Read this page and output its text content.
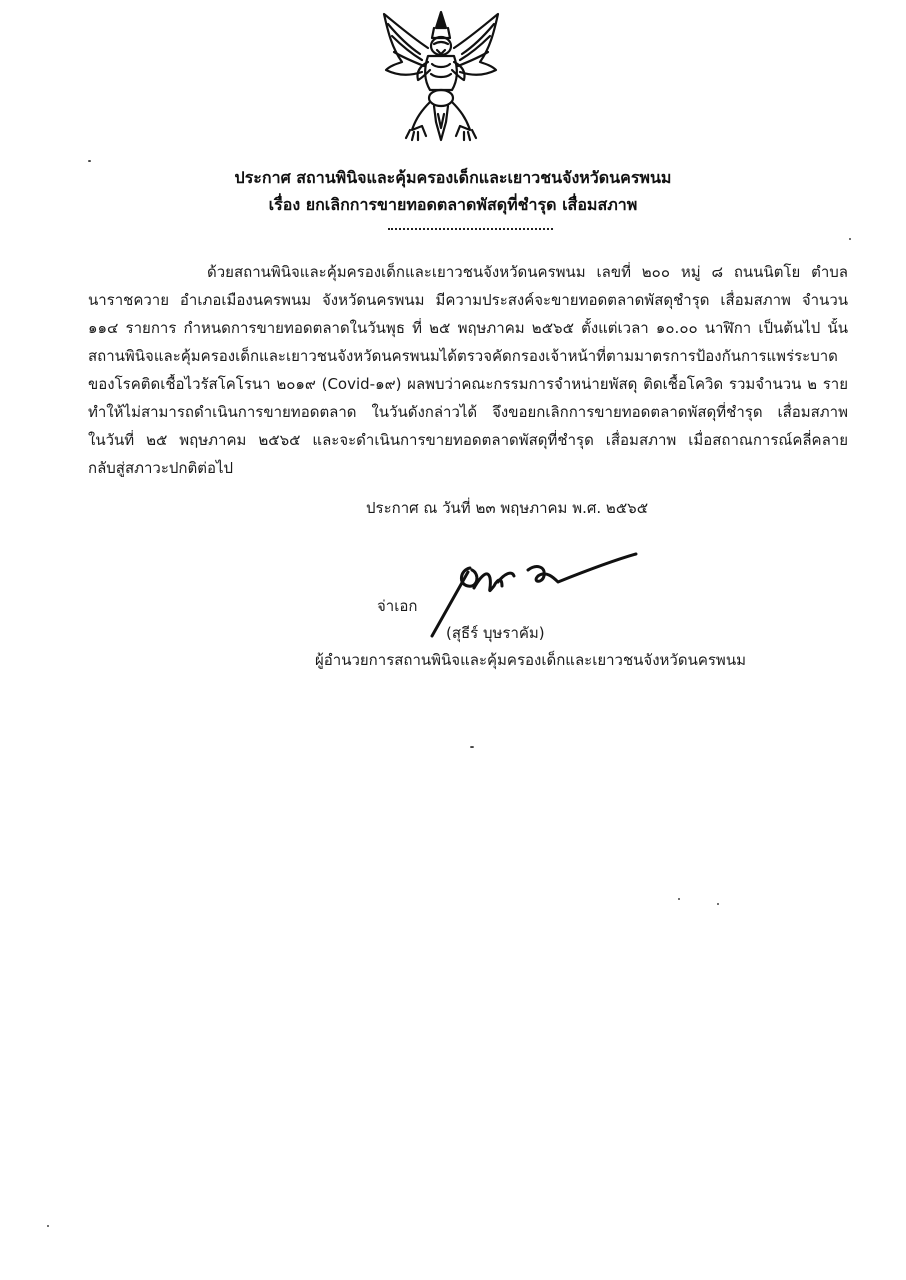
ประกาศ สถานพินิจและคุ้มครองเด็กและเยาวชนจังหวัดนครพนม
เรื่อง ยกเลิกการขายทอดตลาดพัสดุที่ชำรุด เสื่อมสภาพ
ด้วยสถานพินิจและคุ้มครองเด็กและเยาวชนจังหวัดนครพนม เลขที่ ๒๐๐ หมู่ ๘ ถนนนิตโย ตำบล
นาราชควาย อำเภอเมืองนครพนม จังหวัดนครพนม มีความประสงค์จะขายทอดตลาดพัสดุชำรุด เสื่อมสภาพ จำนวน
๑๑๔ รายการ กำหนดการขายทอดตลาดในวันพุธ ที่ ๒๕ พฤษภาคม ๒๕๖๕ ตั้งแต่เวลา ๑๐.๐๐ นาฬิกา เป็นต้นไป นั้น
สถานพินิจและคุ้มครองเด็กและเยาวชนจังหวัดนครพนมได้ตรวจคัดกรองเจ้าหน้าที่ตามมาตรการป้องกันการแพร่ระบาด
ของโรคติดเชื้อไวรัสโคโรนา ๒๐๑๙ (Covid-๑๙) ผลพบว่าคณะกรรมการจำหน่ายพัสดุ ติดเชื้อโควิด รวมจำนวน ๒ ราย
ทำให้ไม่สามารถดำเนินการขายทอดตลาด ในวันดังกล่าวได้ จึงขอยกเลิกการขายทอดตลาดพัสดุที่ชำรุด เสื่อมสภาพ
ในวันที่ ๒๕ พฤษภาคม ๒๕๖๕ และจะดำเนินการขายทอดตลาดพัสดุที่ชำรุด เสื่อมสภาพ เมื่อสถาณการณ์คลี่คลาย
กลับสู่สภาวะปกติต่อไป
ประกาศ ณ วันที่ ๒๓ พฤษภาคม พ.ศ. ๒๕๖๕
จ่าเอก
(สุธีร์ บุษราคัม)
ผู้อำนวยการสถานพินิจและคุ้มครองเด็กและเยาวชนจังหวัดนครพนม
